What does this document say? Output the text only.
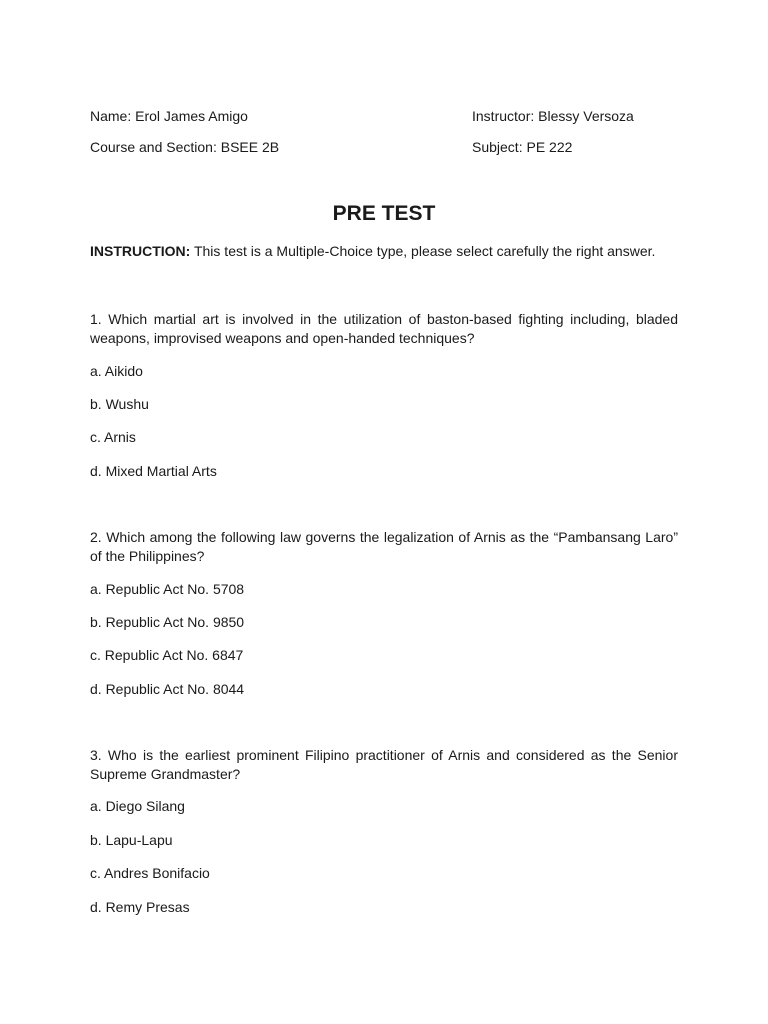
Name: Erol James Amigo	Instructor: Blessy Versoza
Course and Section: BSEE 2B	Subject: PE 222
PRE TEST
INSTRUCTION: This test is a Multiple-Choice type, please select carefully the right answer.
1. Which martial art is involved in the utilization of baston-based fighting including, bladed weapons, improvised weapons and open-handed techniques?
a. Aikido
b. Wushu
c. Arnis
d. Mixed Martial Arts
2. Which among the following law governs the legalization of Arnis as the “Pambansang Laro” of the Philippines?
a. Republic Act No. 5708
b. Republic Act No. 9850
c. Republic Act No. 6847
d. Republic Act No. 8044
3. Who is the earliest prominent Filipino practitioner of Arnis and considered as the Senior Supreme Grandmaster?
a. Diego Silang
b. Lapu-Lapu
c. Andres Bonifacio
d. Remy Presas
